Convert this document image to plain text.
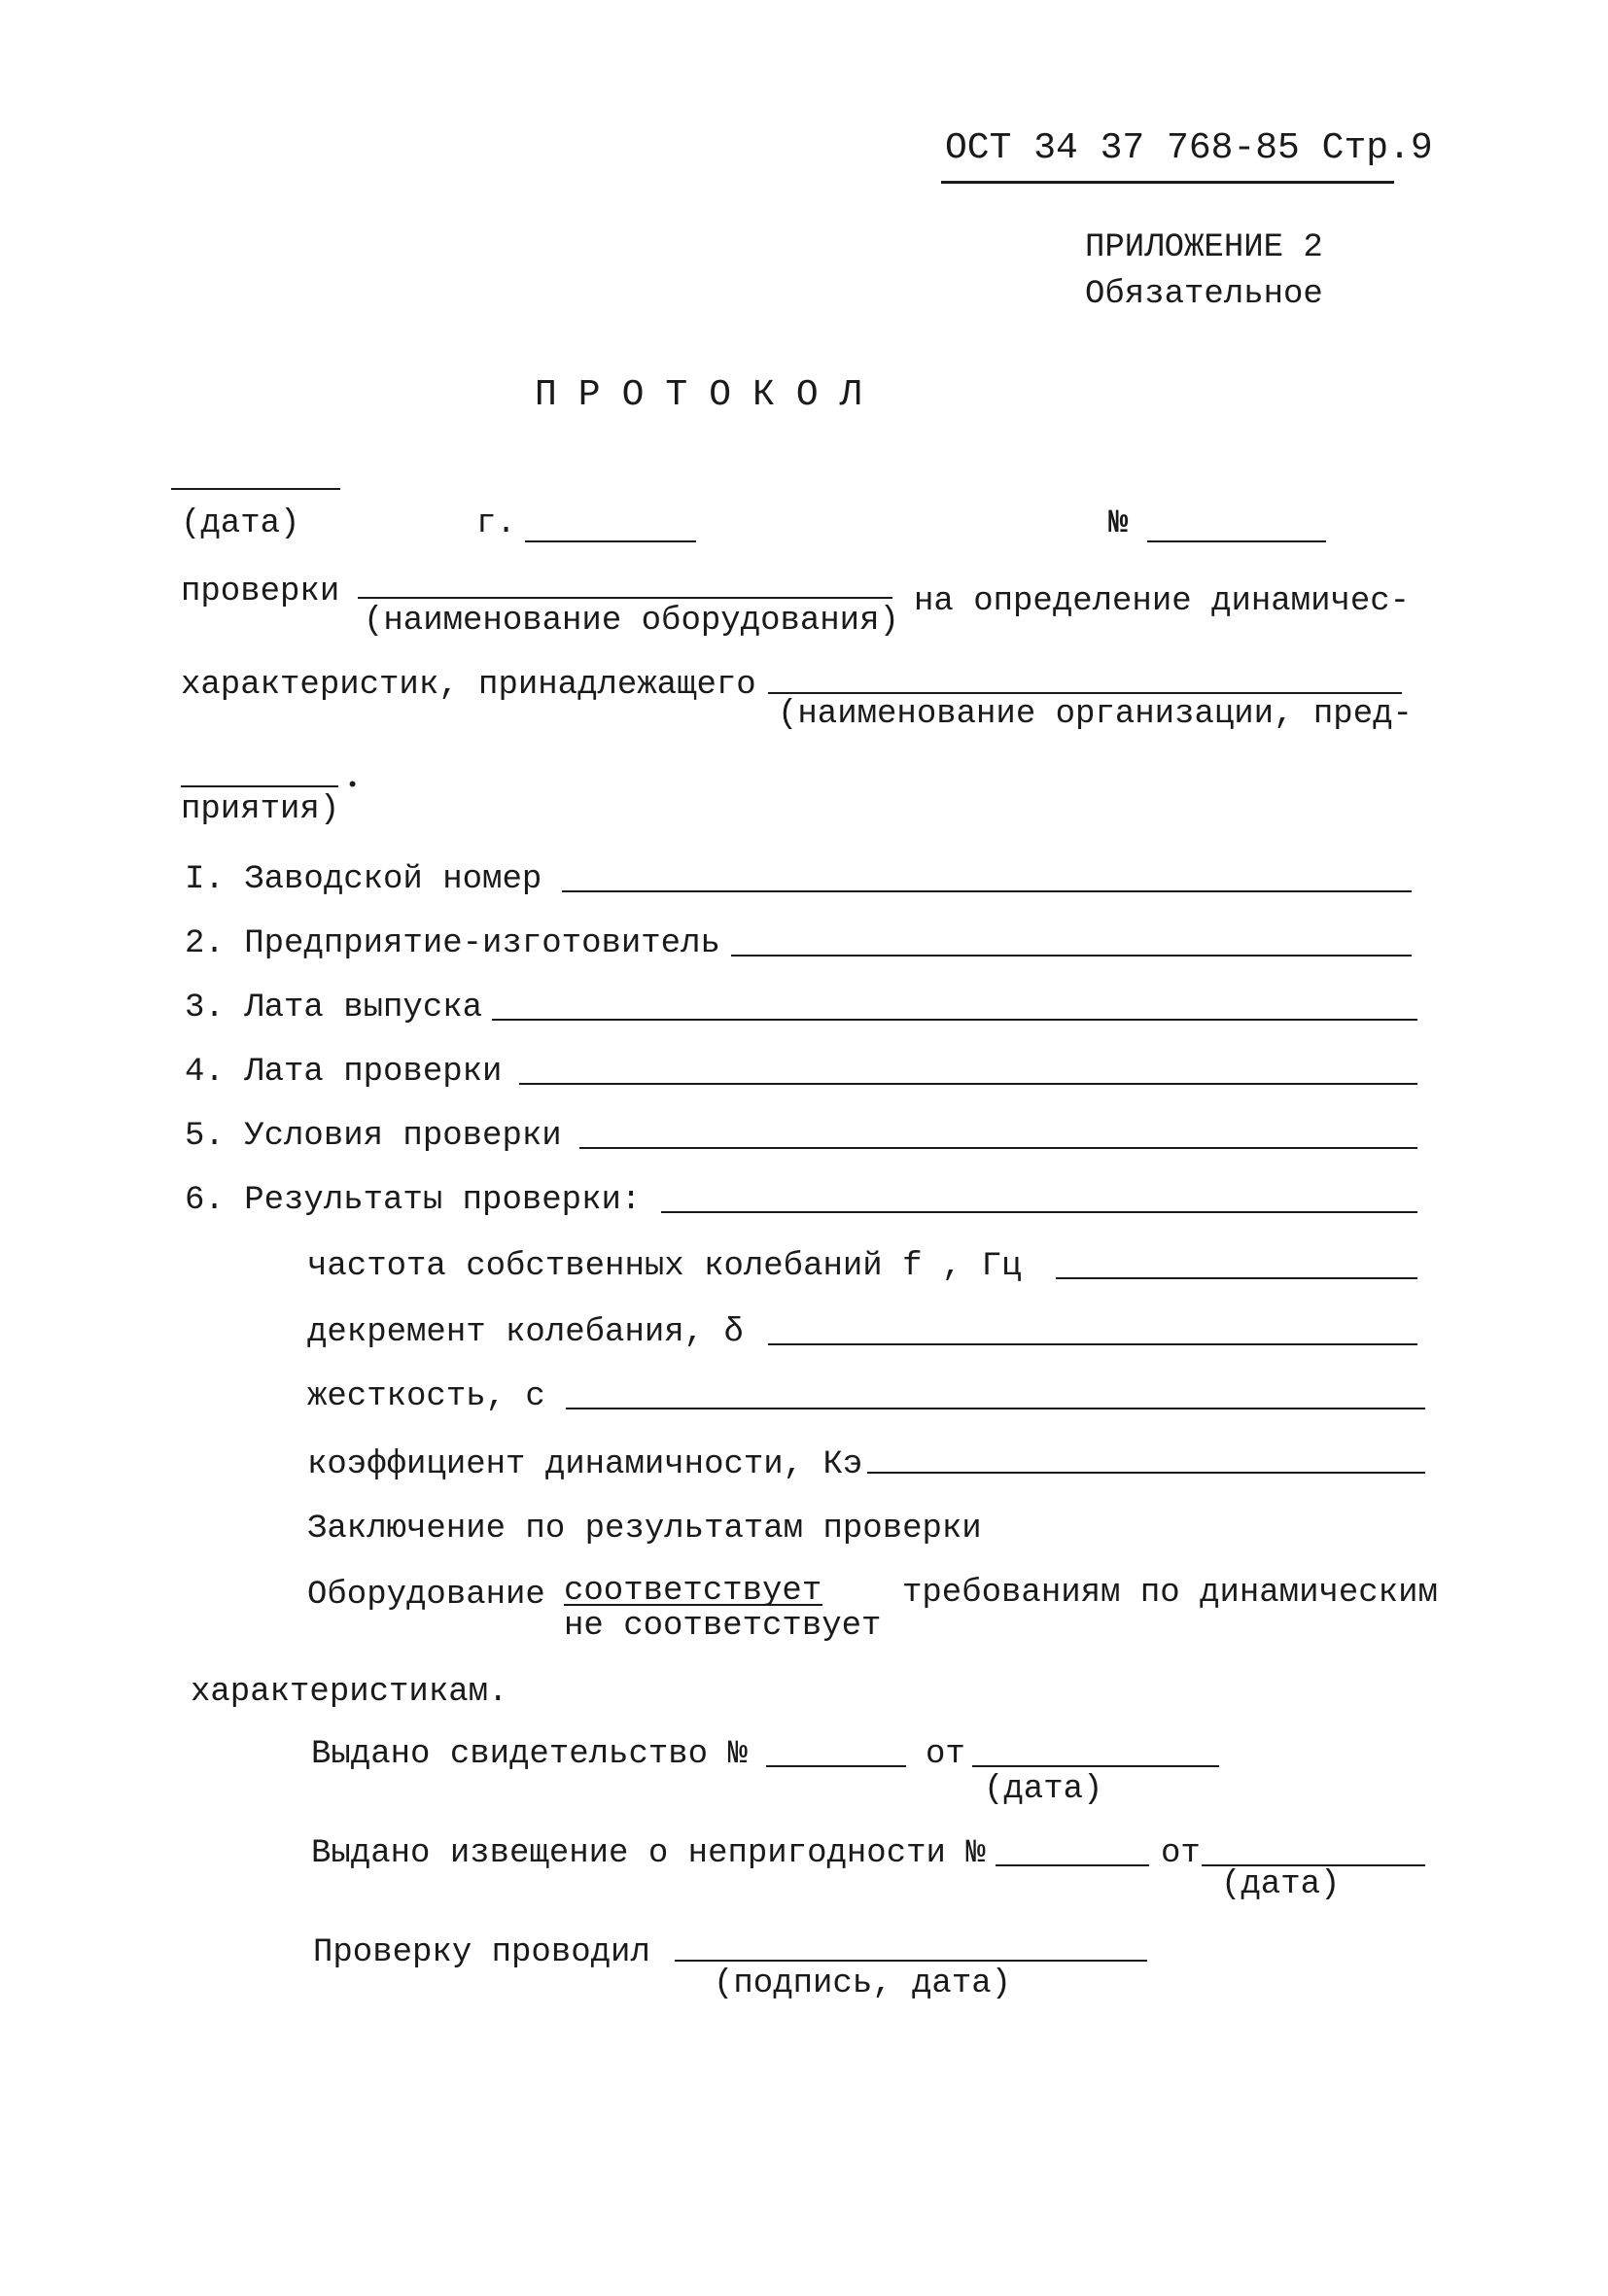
ОСТ 34 37 768-85 Стр.9
ПРИЛОЖЕНИЕ 2
Обязательное
ПРОТОКОЛ
(дата)	г.	№
проверки
(наименование оборудования)
на определение динамичес-
характеристик, принадлежащего
(наименование организации, пред-
приятия)
•
I. Заводской номер
2. Предприятие-изготовитель
3. Лата выпуска
4. Лата проверки
5. Условия проверки
6. Результаты проверки:
частота собственных колебаний f , Гц
декремент колебания, δ
жесткость, с
коэффициент динамичности, Кэ
Заключение по результатам проверки
Оборудование соответствует
не соответствует
требованиям по динамическим
характеристикам.
Выдано свидетельство №	от
(дата)
Выдано извещение о непригодности №	от
(дата)
Проверку проводил
(подпись, дата)
